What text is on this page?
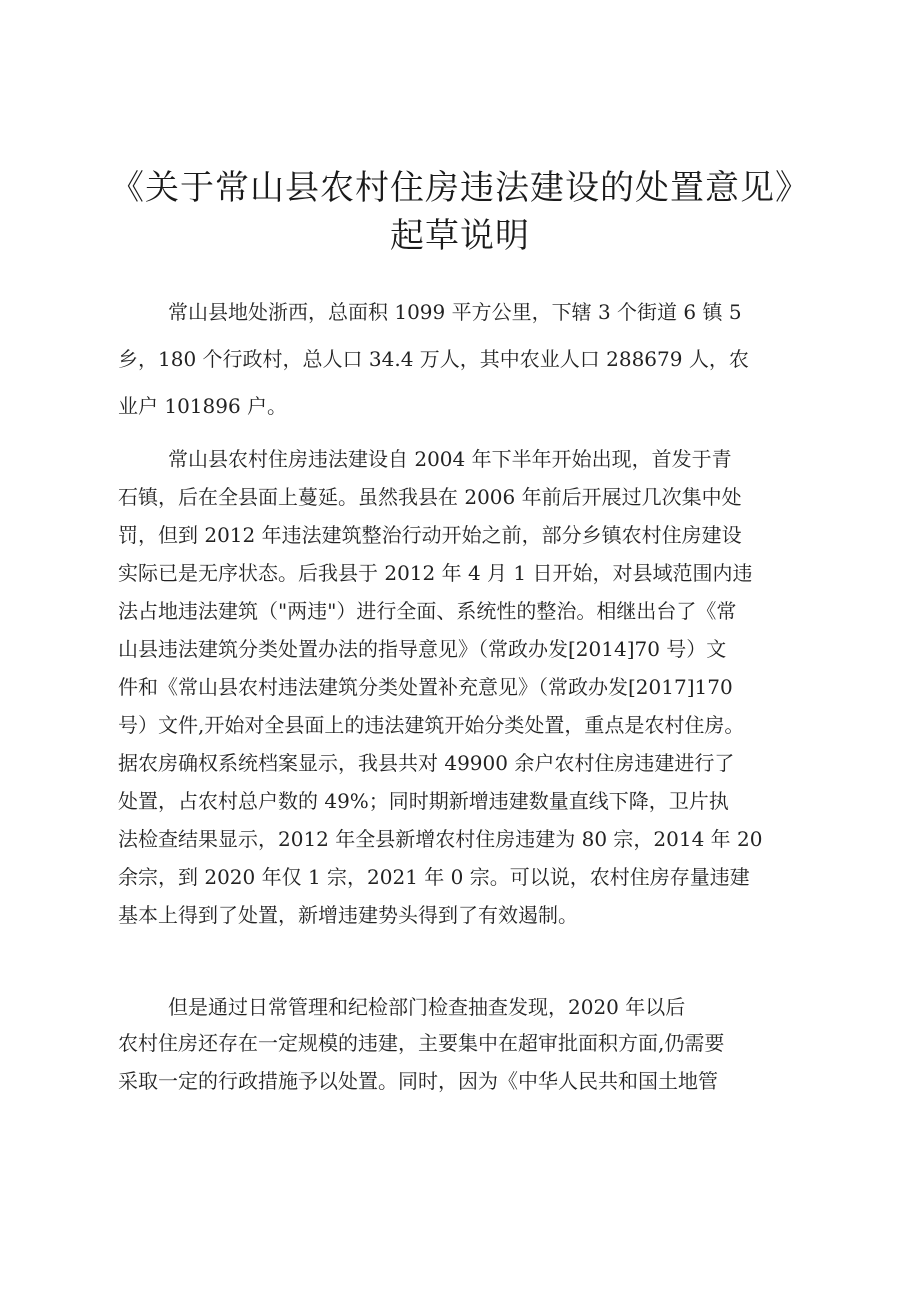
《关于常山县农村住房违法建设的处置意见》
起草说明
常山县地处浙西，总面积 1099 平方公里，下辖 3 个街道 6 镇 5
乡，180 个行政村，总人口 34.4 万人，其中农业人口 288679 人，农
业户 101896 户。
常山县农村住房违法建设自 2004 年下半年开始出现，首发于青
石镇，后在全县面上蔓延。虽然我县在 2006 年前后开展过几次集中处
罚，但到 2012 年违法建筑整治行动开始之前，部分乡镇农村住房建设
实际已是无序状态。后我县于 2012 年 4 月 1 日开始，对县域范围内违
法占地违法建筑（"两违"）进行全面、系统性的整治。相继出台了《常
山县违法建筑分类处置办法的指导意见》（常政办发[2014]70 号）文
件和《常山县农村违法建筑分类处置补充意见》（常政办发[2017]170
号）文件,开始对全县面上的违法建筑开始分类处置，重点是农村住房。
据农房确权系统档案显示，我县共对 49900 余户农村住房违建进行了
处置，占农村总户数的 49%；同时期新增违建数量直线下降，卫片执
法检查结果显示，2012 年全县新增农村住房违建为 80 宗，2014 年 20
余宗，到 2020 年仅 1 宗，2021 年 0 宗。可以说，农村住房存量违建
基本上得到了处置，新增违建势头得到了有效遏制。
但是通过日常管理和纪检部门检查抽查发现，2020 年以后
农村住房还存在一定规模的违建，主要集中在超审批面积方面,仍需要
采取一定的行政措施予以处置。同时，因为《中华人民共和国土地管
